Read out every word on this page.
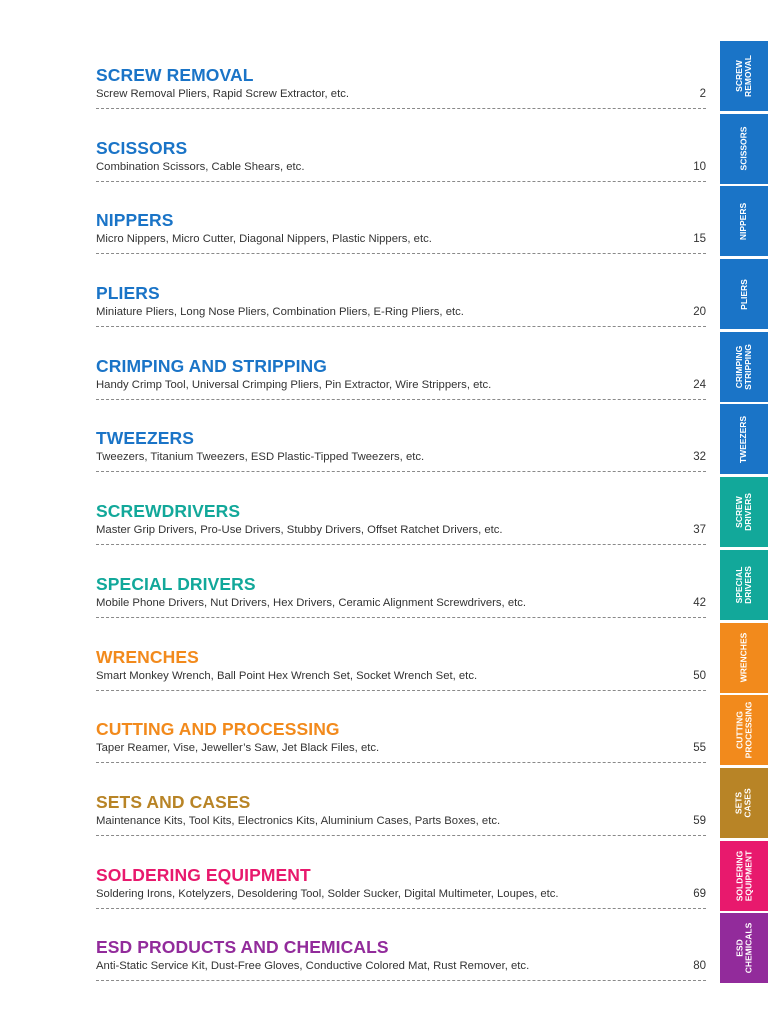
SCREW REMOVAL
Screw Removal Pliers, Rapid Screw Extractor, etc.	2
SCISSORS
Combination Scissors, Cable Shears, etc.	10
NIPPERS
Micro Nippers, Micro Cutter, Diagonal Nippers, Plastic Nippers, etc.	15
PLIERS
Miniature Pliers, Long Nose Pliers, Combination Pliers, E-Ring Pliers, etc.	20
CRIMPING AND STRIPPING
Handy Crimp Tool, Universal Crimping Pliers, Pin Extractor, Wire Strippers, etc.	24
TWEEZERS
Tweezers, Titanium Tweezers, ESD Plastic-Tipped Tweezers, etc.	32
SCREWDRIVERS
Master Grip Drivers, Pro-Use Drivers, Stubby Drivers, Offset Ratchet Drivers, etc.	37
SPECIAL DRIVERS
Mobile Phone Drivers, Nut Drivers, Hex Drivers, Ceramic Alignment Screwdrivers, etc.	42
WRENCHES
Smart Monkey Wrench, Ball Point Hex Wrench Set, Socket Wrench Set, etc.	50
CUTTING AND PROCESSING
Taper Reamer, Vise, Jeweller’s Saw, Jet Black Files, etc.	55
SETS AND CASES
Maintenance Kits, Tool Kits, Electronics Kits, Aluminium Cases, Parts Boxes, etc.	59
SOLDERING EQUIPMENT
Soldering Irons, Kotelyzers, Desoldering Tool, Solder Sucker, Digital Multimeter, Loupes, etc.	69
ESD PRODUCTS AND CHEMICALS
Anti-Static Service Kit, Dust-Free Gloves, Conductive Colored Mat, Rust Remover, etc.	80
SCREW REMOVAL
SCISSORS
NIPPERS
PLIERS
CRIMPING STRIPPING
TWEEZERS
SCREW DRIVERS
SPECIAL DRIVERS
WRENCHES
CUTTING PROCESSING
SETS CASES
SOLDERING EQUIPMENT
ESD CHEMICALS
